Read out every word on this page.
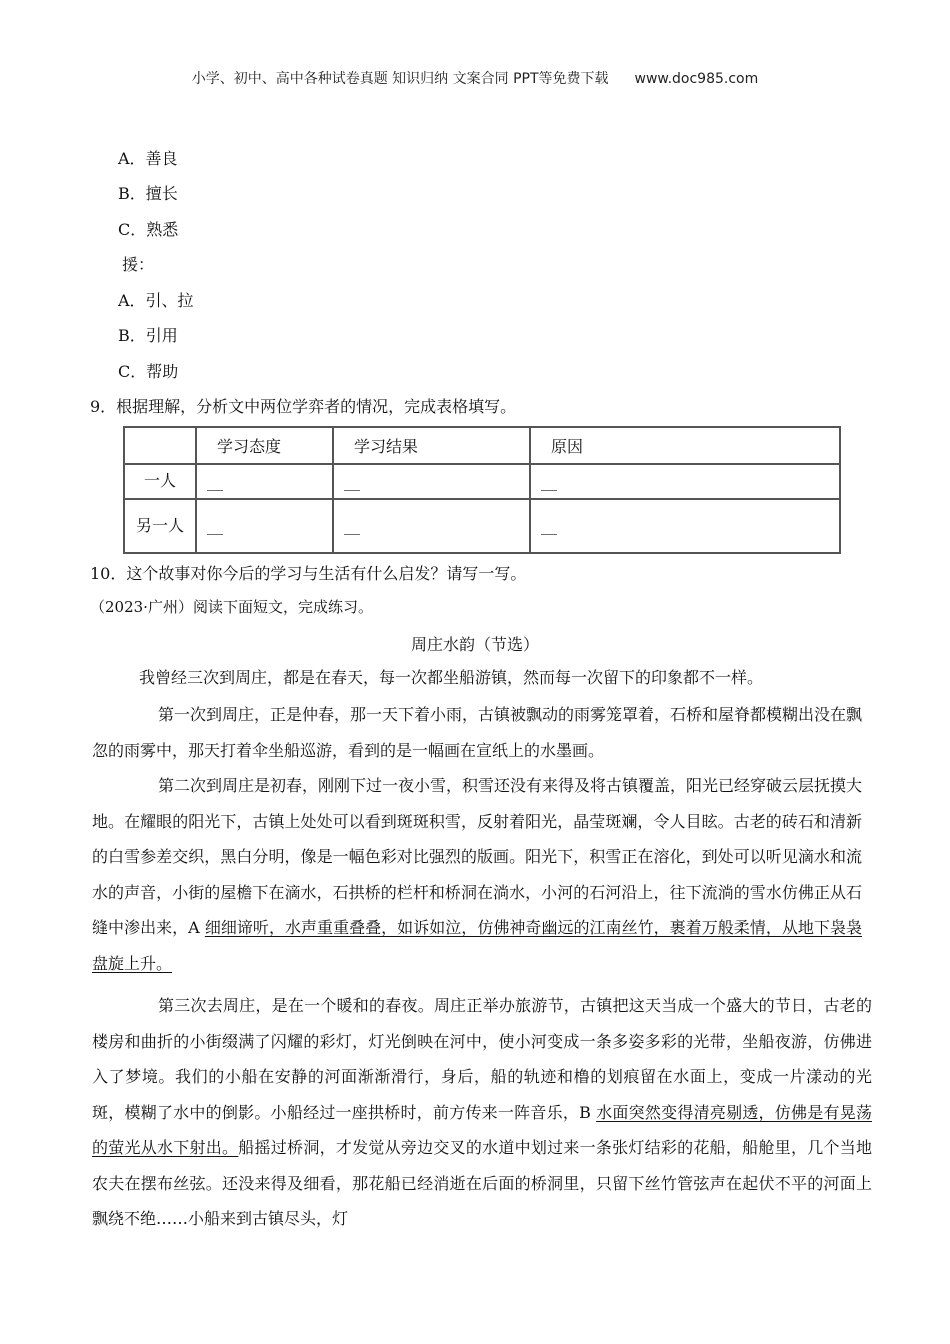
小学、初中、高中各种试卷真题 知识归纳 文案合同 PPT等免费下载 www.doc985.com
A．善良
B．擅长
C．熟悉
援：
A．引、拉
B．引用
C．帮助
9．根据理解，分析文中两位学弈者的情况，完成表格填写。
	学习态度	学习结果	原因
一人	__	__	__
另一人	__	__	__
10．这个故事对你今后的学习与生活有什么启发？请写一写。
（2023·广州）阅读下面短文，完成练习。
周庄水韵（节选）
我曾经三次到周庄，都是在春天，每一次都坐船游镇，然而每一次留下的印象都不一样。
第一次到周庄，正是仲春，那一天下着小雨，古镇被飘动的雨雾笼罩着，石桥和屋脊都模糊出没在飘忽的雨雾中，那天打着伞坐船巡游，看到的是一幅画在宣纸上的水墨画。
第二次到周庄是初春，刚刚下过一夜小雪，积雪还没有来得及将古镇覆盖，阳光已经穿破云层抚摸大地。在耀眼的阳光下，古镇上处处可以看到斑斑积雪，反射着阳光，晶莹斑斓，令人目眩。古老的砖石和清新的白雪参差交织，黑白分明，像是一幅色彩对比强烈的版画。阳光下，积雪正在溶化，到处可以听见滴水和流水的声音，小街的屋檐下在滴水，石拱桥的栏杆和桥洞在淌水，小河的石河沿上，往下流淌的雪水仿佛正从石缝中渗出来，A 细细谛听，水声重重叠叠，如诉如泣，仿佛神奇幽远的江南丝竹，裹着万般柔情，从地下袅袅盘旋上升。
第三次去周庄，是在一个暖和的春夜。周庄正举办旅游节，古镇把这天当成一个盛大的节日，古老的楼房和曲折的小街缀满了闪耀的彩灯，灯光倒映在河中，使小河变成一条多姿多彩的光带，坐船夜游，仿佛进入了梦境。我们的小船在安静的河面渐渐滑行，身后，船的轨迹和橹的划痕留在水面上，变成一片漾动的光斑，模糊了水中的倒影。小船经过一座拱桥时，前方传来一阵音乐，B 水面突然变得清亮剔透，仿佛是有晃荡的萤光从水下射出。船摇过桥洞，才发觉从旁边交叉的水道中划过来一条张灯结彩的花船，船舱里，几个当地农夫在摆布丝弦。还没来得及细看，那花船已经消逝在后面的桥洞里，只留下丝竹管弦声在起伏不平的河面上飘绕不绝……小船来到古镇尽头，灯
